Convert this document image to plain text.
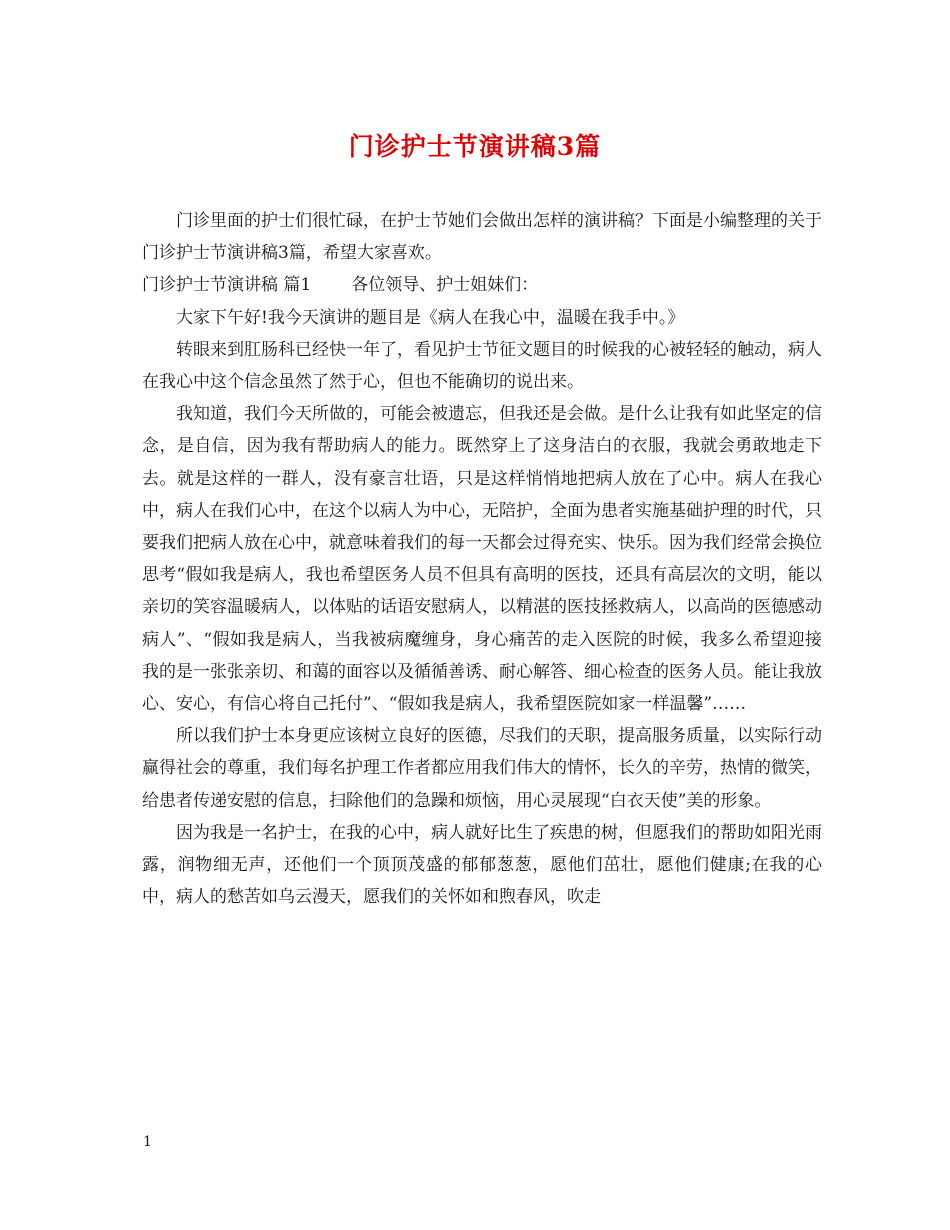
门诊护士节演讲稿3篇

门诊里面的护士们很忙碌，在护士节她们会做出怎样的演讲稿？下面是小编整理的关于门诊护士节演讲稿3篇，希望大家喜欢。

门诊护士节演讲稿 篇1 各位领导、护士姐妹们：

大家下午好!我今天演讲的题目是《病人在我心中，温暖在我手中。》

转眼来到肛肠科已经快一年了，看见护士节征文题目的时候我的心被轻轻的触动，病人在我心中这个信念虽然了然于心，但也不能确切的说出来。

我知道，我们今天所做的，可能会被遗忘，但我还是会做。是什么让我有如此坚定的信念，是自信，因为我有帮助病人的能力。既然穿上了这身洁白的衣服，我就会勇敢地走下去。就是这样的一群人，没有豪言壮语，只是这样悄悄地把病人放在了心中。病人在我心中，病人在我们心中，在这个以病人为中心，无陪护，全面为患者实施基础护理的时代，只要我们把病人放在心中，就意味着我们的每一天都会过得充实、快乐。因为我们经常会换位思考“假如我是病人，我也希望医务人员不但具有高明的医技，还具有高层次的文明，能以亲切的笑容温暖病人，以体贴的话语安慰病人，以精湛的医技拯救病人，以高尚的医德感动病人”、“假如我是病人，当我被病魔缠身，身心痛苦的走入医院的时候，我多么希望迎接我的是一张张亲切、和蔼的面容以及循循善诱、耐心解答、细心检查的医务人员。能让我放心、安心，有信心将自己托付”、“假如我是病人，我希望医院如家一样温馨”……

所以我们护士本身更应该树立良好的医德，尽我们的天职，提高服务质量，以实际行动赢得社会的尊重，我们每名护理工作者都应用我们伟大的情怀，长久的辛劳，热情的微笑，给患者传递安慰的信息，扫除他们的急躁和烦恼，用心灵展现“白衣天使”美的形象。

因为我是一名护士，在我的心中，病人就好比生了疾患的树，但愿我们的帮助如阳光雨露，润物细无声，还他们一个顶顶茂盛的郁郁葱葱，愿他们茁壮，愿他们健康;在我的心中，病人的愁苦如乌云漫天，愿我们的关怀如和煦春风，吹走

1
